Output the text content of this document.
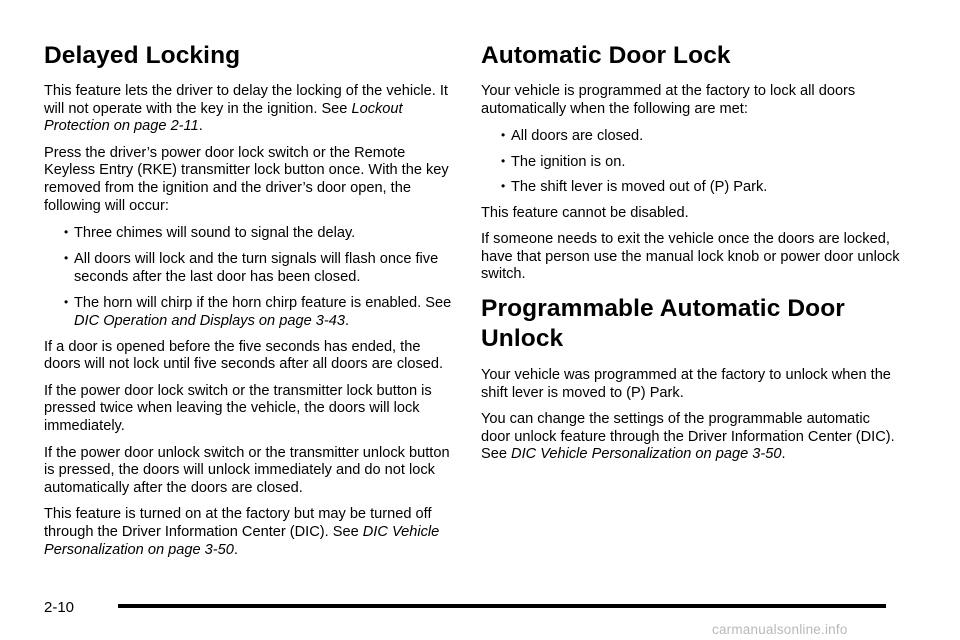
Delayed Locking

This feature lets the driver to delay the locking of the vehicle. It will not operate with the key in the ignition. See Lockout Protection on page 2-11.

Press the driver’s power door lock switch or the Remote Keyless Entry (RKE) transmitter lock button once. With the key removed from the ignition and the driver’s door open, the following will occur:

• Three chimes will sound to signal the delay.
• All doors will lock and the turn signals will flash once five seconds after the last door has been closed.
• The horn will chirp if the horn chirp feature is enabled. See DIC Operation and Displays on page 3-43.

If a door is opened before the five seconds has ended, the doors will not lock until five seconds after all doors are closed.

If the power door lock switch or the transmitter lock button is pressed twice when leaving the vehicle, the doors will lock immediately.

If the power door unlock switch or the transmitter unlock button is pressed, the doors will unlock immediately and do not lock automatically after the doors are closed.

This feature is turned on at the factory but may be turned off through the Driver Information Center (DIC). See DIC Vehicle Personalization on page 3-50.

Automatic Door Lock

Your vehicle is programmed at the factory to lock all doors automatically when the following are met:

• All doors are closed.
• The ignition is on.
• The shift lever is moved out of (P) Park.

This feature cannot be disabled.

If someone needs to exit the vehicle once the doors are locked, have that person use the manual lock knob or power door unlock switch.

Programmable Automatic Door Unlock

Your vehicle was programmed at the factory to unlock when the shift lever is moved to (P) Park.

You can change the settings of the programmable automatic door unlock feature through the Driver Information Center (DIC). See DIC Vehicle Personalization on page 3-50.

2-10
carmanualsonline.info
